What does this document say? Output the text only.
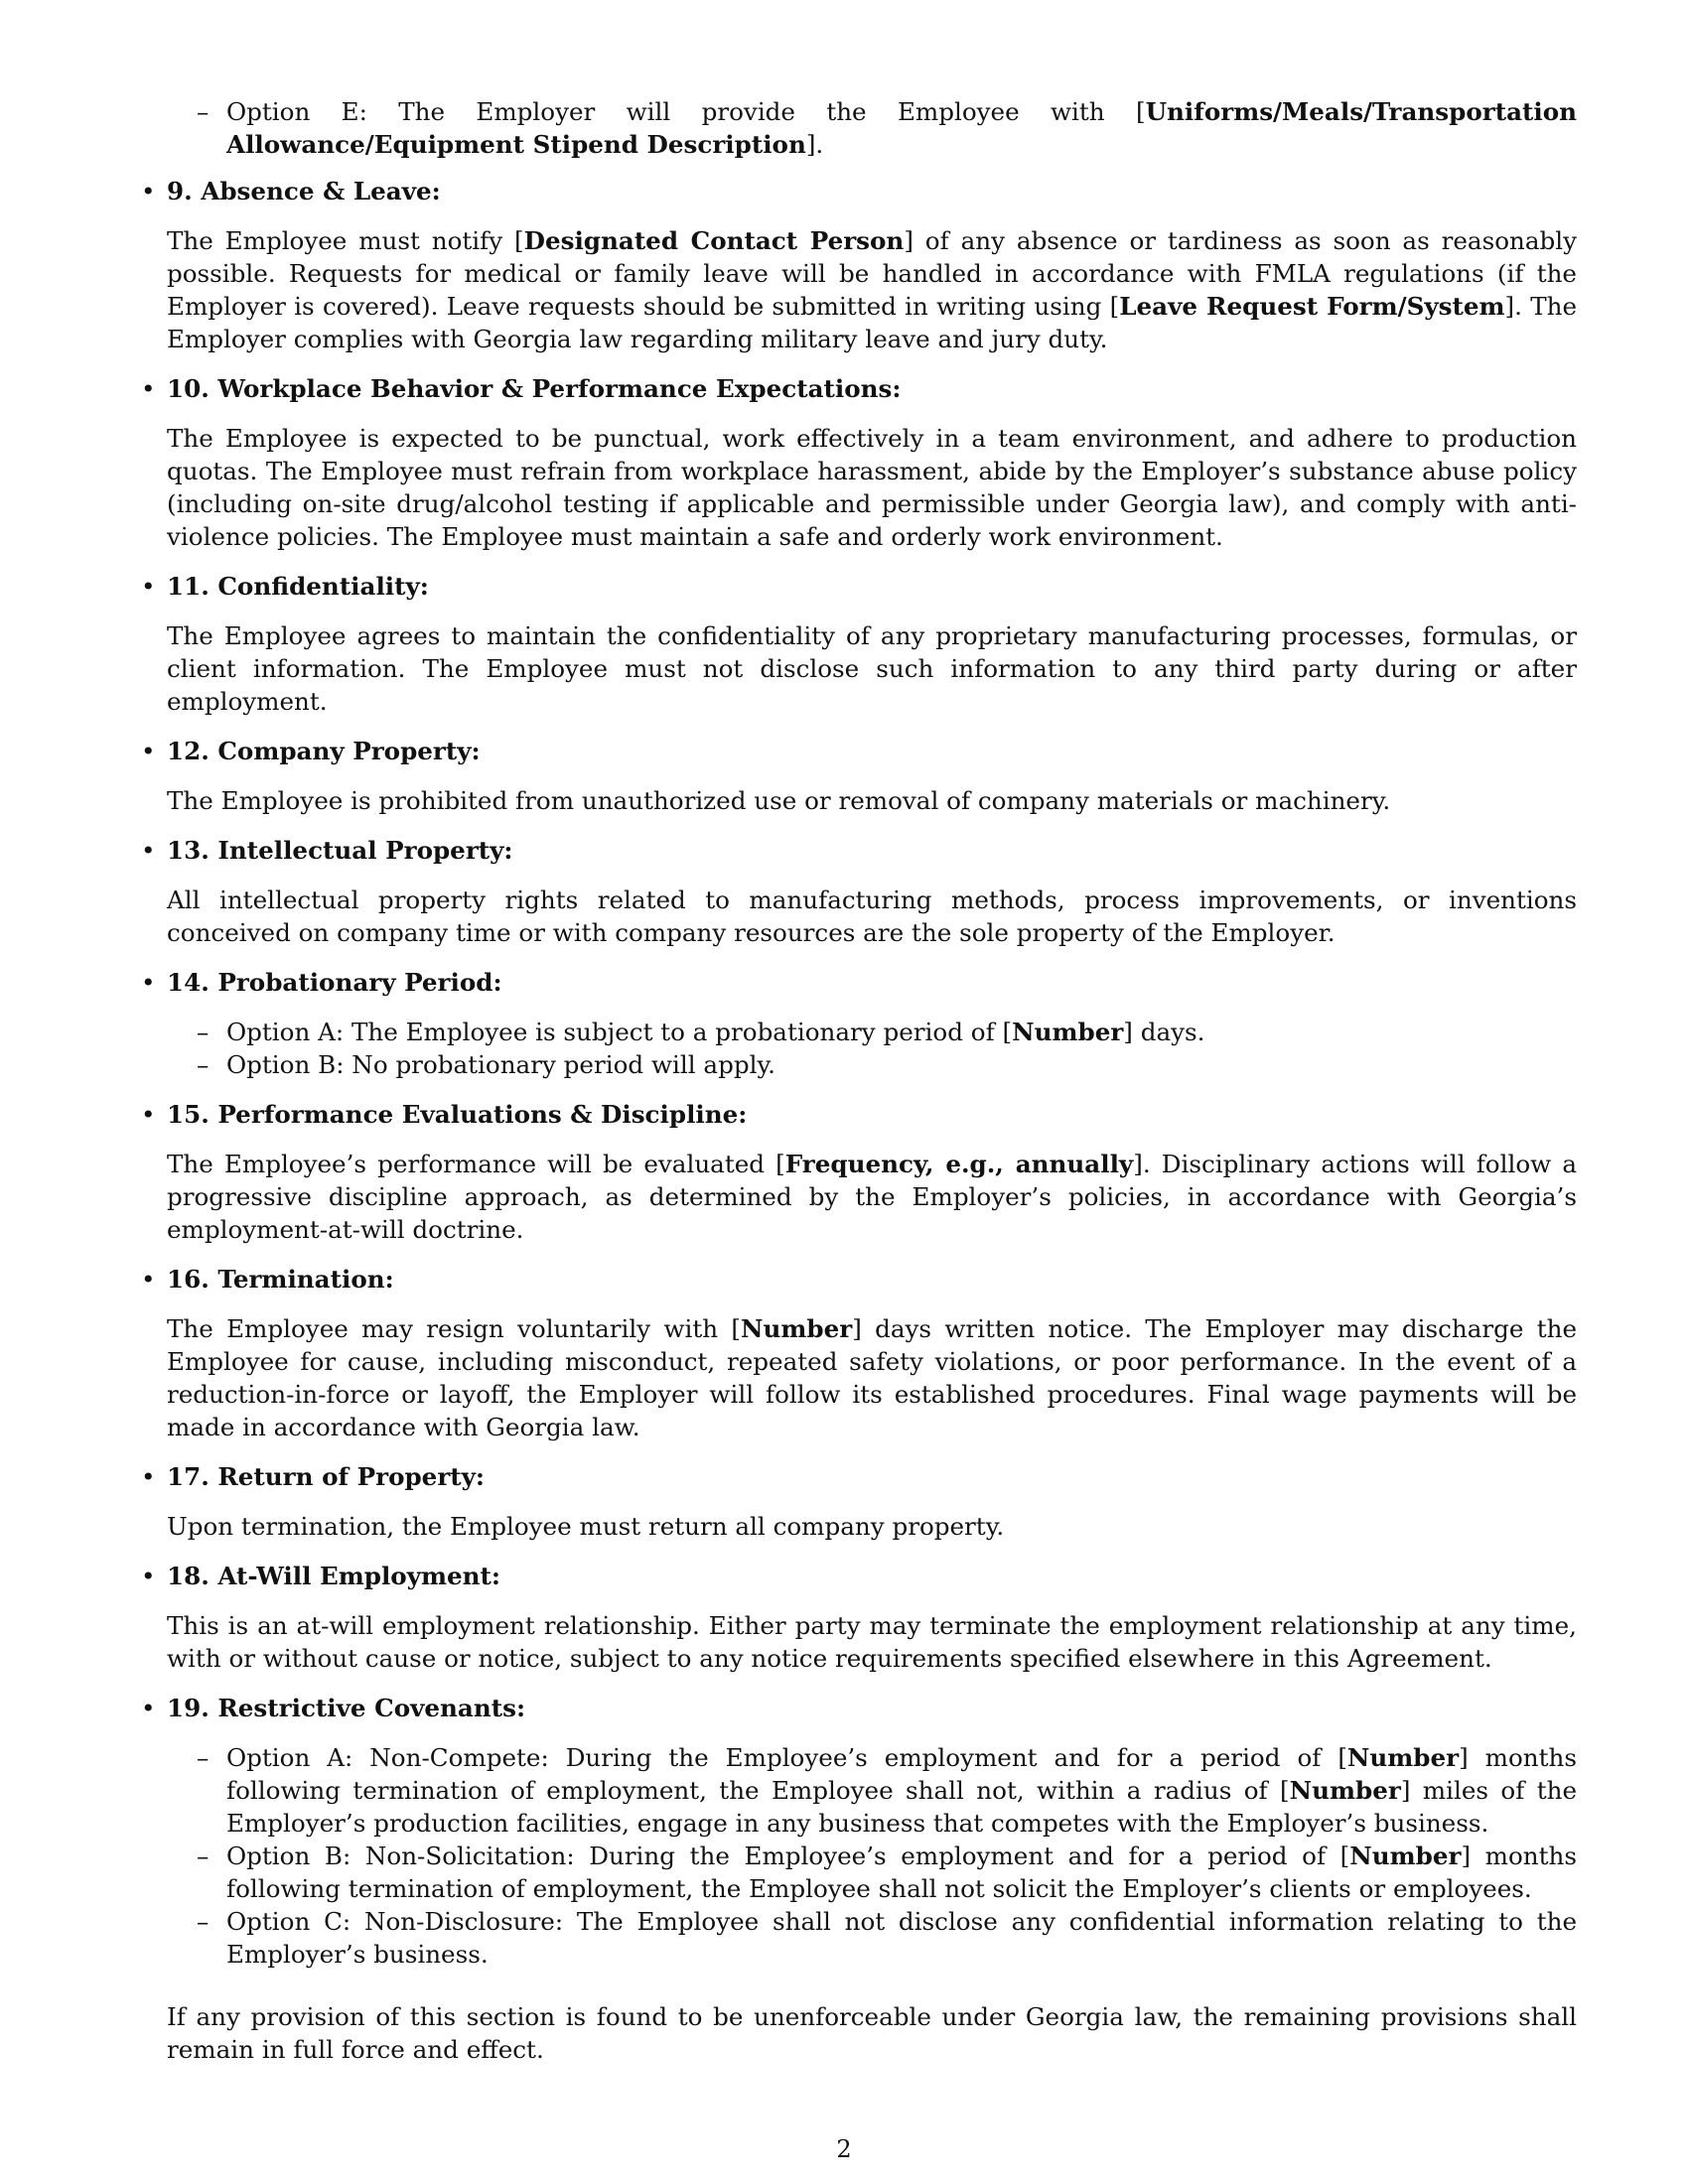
– Option E: The Employer will provide the Employee with [Uniforms/Meals/Transportation Allowance/Equipment Stipend Description].
• 9. Absence & Leave:

The Employee must notify [Designated Contact Person] of any absence or tardiness as soon as reasonably possible. Requests for medical or family leave will be handled in accordance with FMLA regulations (if the Employer is covered). Leave requests should be submitted in writing using [Leave Request Form/System]. The Employer complies with Georgia law regarding military leave and jury duty.

• 10. Workplace Behavior & Performance Expectations:

The Employee is expected to be punctual, work effectively in a team environment, and adhere to production quotas. The Employee must refrain from workplace harassment, abide by the Employer’s substance abuse policy (including on-site drug/alcohol testing if applicable and permissible under Georgia law), and comply with anti-violence policies. The Employee must maintain a safe and orderly work environment.

• 11. Confidentiality:

The Employee agrees to maintain the confidentiality of any proprietary manufacturing processes, formulas, or client information. The Employee must not disclose such information to any third party during or after employment.

• 12. Company Property:

The Employee is prohibited from unauthorized use or removal of company materials or machinery.

• 13. Intellectual Property:

All intellectual property rights related to manufacturing methods, process improvements, or inventions conceived on company time or with company resources are the sole property of the Employer.

• 14. Probationary Period:
– Option A: The Employee is subject to a probationary period of [Number] days.
– Option B: No probationary period will apply.
• 15. Performance Evaluations & Discipline:

The Employee’s performance will be evaluated [Frequency, e.g., annually]. Disciplinary actions will follow a progressive discipline approach, as determined by the Employer’s policies, in accordance with Georgia’s employment-at-will doctrine.

• 16. Termination:

The Employee may resign voluntarily with [Number] days written notice. The Employer may discharge the Employee for cause, including misconduct, repeated safety violations, or poor performance. In the event of a reduction-in-force or layoff, the Employer will follow its established procedures. Final wage payments will be made in accordance with Georgia law.

• 17. Return of Property:

Upon termination, the Employee must return all company property.

• 18. At-Will Employment:

This is an at-will employment relationship. Either party may terminate the employment relationship at any time, with or without cause or notice, subject to any notice requirements specified elsewhere in this Agreement.

• 19. Restrictive Covenants:
– Option A: Non-Compete: During the Employee’s employment and for a period of [Number] months following termination of employment, the Employee shall not, within a radius of [Number] miles of the Employer’s production facilities, engage in any business that competes with the Employer’s business.
– Option B: Non-Solicitation: During the Employee’s employment and for a period of [Number] months following termination of employment, the Employee shall not solicit the Employer’s clients or employees.
– Option C: Non-Disclosure: The Employee shall not disclose any confidential information relating to the Employer’s business.

If any provision of this section is found to be unenforceable under Georgia law, the remaining provisions shall remain in full force and effect.

2
